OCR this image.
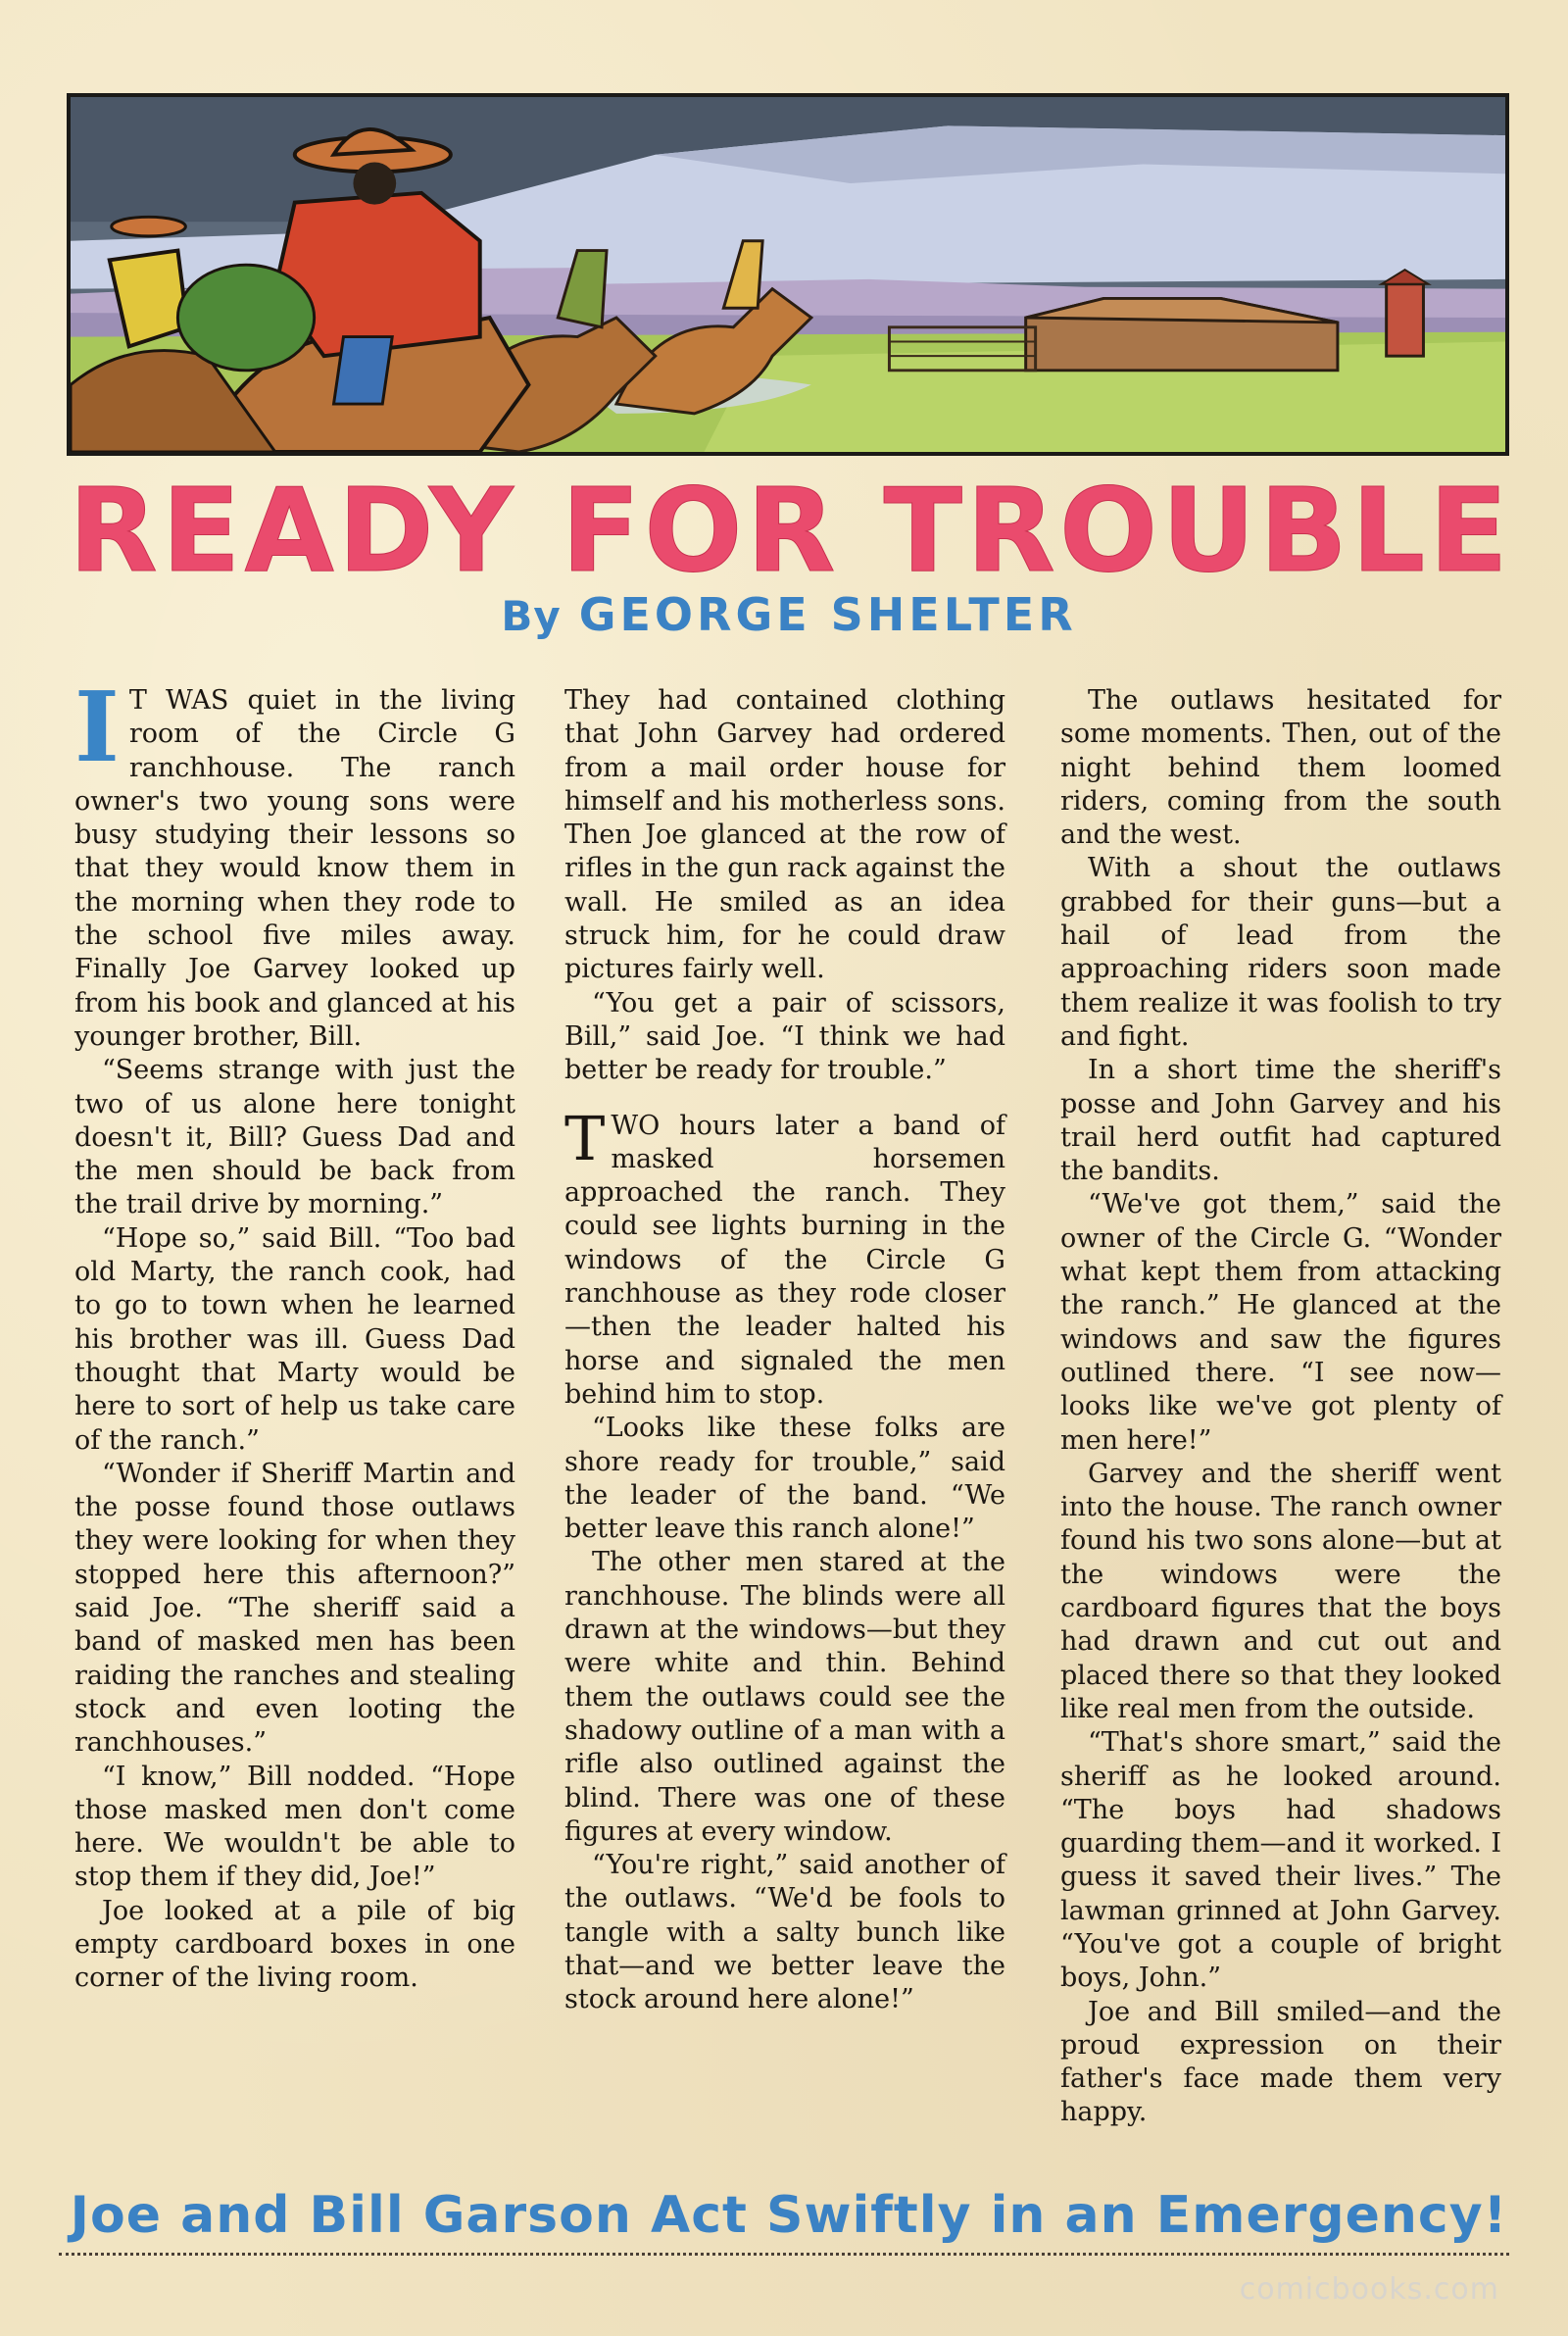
READY FOR TROUBLE
By GEORGE SHELTER

I T WAS quiet in the living room of the Circle G ranchhouse. The ranch owner's two young sons were busy studying their lessons so that they would know them in the morning when they rode to the school five miles away. Finally Joe Garvey looked up from his book and glanced at his younger brother, Bill.

“Seems strange with just the two of us alone here tonight doesn't it, Bill? Guess Dad and the men should be back from the trail drive by morning.”

“Hope so,” said Bill. “Too bad old Marty, the ranch cook, had to go to town when he learned his brother was ill. Guess Dad thought that Marty would be here to sort of help us take care of the ranch.”

“Wonder if Sheriff Martin and the posse found those outlaws they were looking for when they stopped here this afternoon?” said Joe. “The sheriff said a band of masked men has been raiding the ranches and stealing stock and even looting the ranchhouses.”

“I know,” Bill nodded. “Hope those masked men don't come here. We wouldn't be able to stop them if they did, Joe!”

Joe looked at a pile of big empty cardboard boxes in one corner of the living room.

They had contained clothing that John Garvey had ordered from a mail order house for himself and his motherless sons. Then Joe glanced at the row of rifles in the gun rack against the wall. He smiled as an idea struck him, for he could draw pictures fairly well.

“You get a pair of scissors, Bill,” said Joe. “I think we had better be ready for trouble.”

TWO hours later a band of masked horsemen approached the ranch. They could see lights burning in the windows of the Circle G ranchhouse as they rode closer—then the leader halted his horse and signaled the men behind him to stop.

“Looks like these folks are shore ready for trouble,” said the leader of the band. “We better leave this ranch alone!”

The other men stared at the ranchhouse. The blinds were all drawn at the windows—but they were white and thin. Behind them the outlaws could see the shadowy outline of a man with a rifle also outlined against the blind. There was one of these figures at every window.

“You're right,” said another of the outlaws. “We'd be fools to tangle with a salty bunch like that—and we better leave the stock around here alone!”

The outlaws hesitated for some moments. Then, out of the night behind them loomed riders, coming from the south and the west.

With a shout the outlaws grabbed for their guns—but a hail of lead from the approaching riders soon made them realize it was foolish to try and fight.

In a short time the sheriff's posse and John Garvey and his trail herd outfit had captured the bandits.

“We've got them,” said the owner of the Circle G. “Wonder what kept them from attacking the ranch.” He glanced at the windows and saw the figures outlined there. “I see now—looks like we've got plenty of men here!”

Garvey and the sheriff went into the house. The ranch owner found his two sons alone—but at the windows were the cardboard figures that the boys had drawn and cut out and placed there so that they looked like real men from the outside.

“That's shore smart,” said the sheriff as he looked around. “The boys had shadows guarding them—and it worked. I guess it saved their lives.” The lawman grinned at John Garvey. “You've got a couple of bright boys, John.”

Joe and Bill smiled—and the proud expression on their father's face made them very happy.

Joe and Bill Garson Act Swiftly in an Emergency!
comicbooks.com
